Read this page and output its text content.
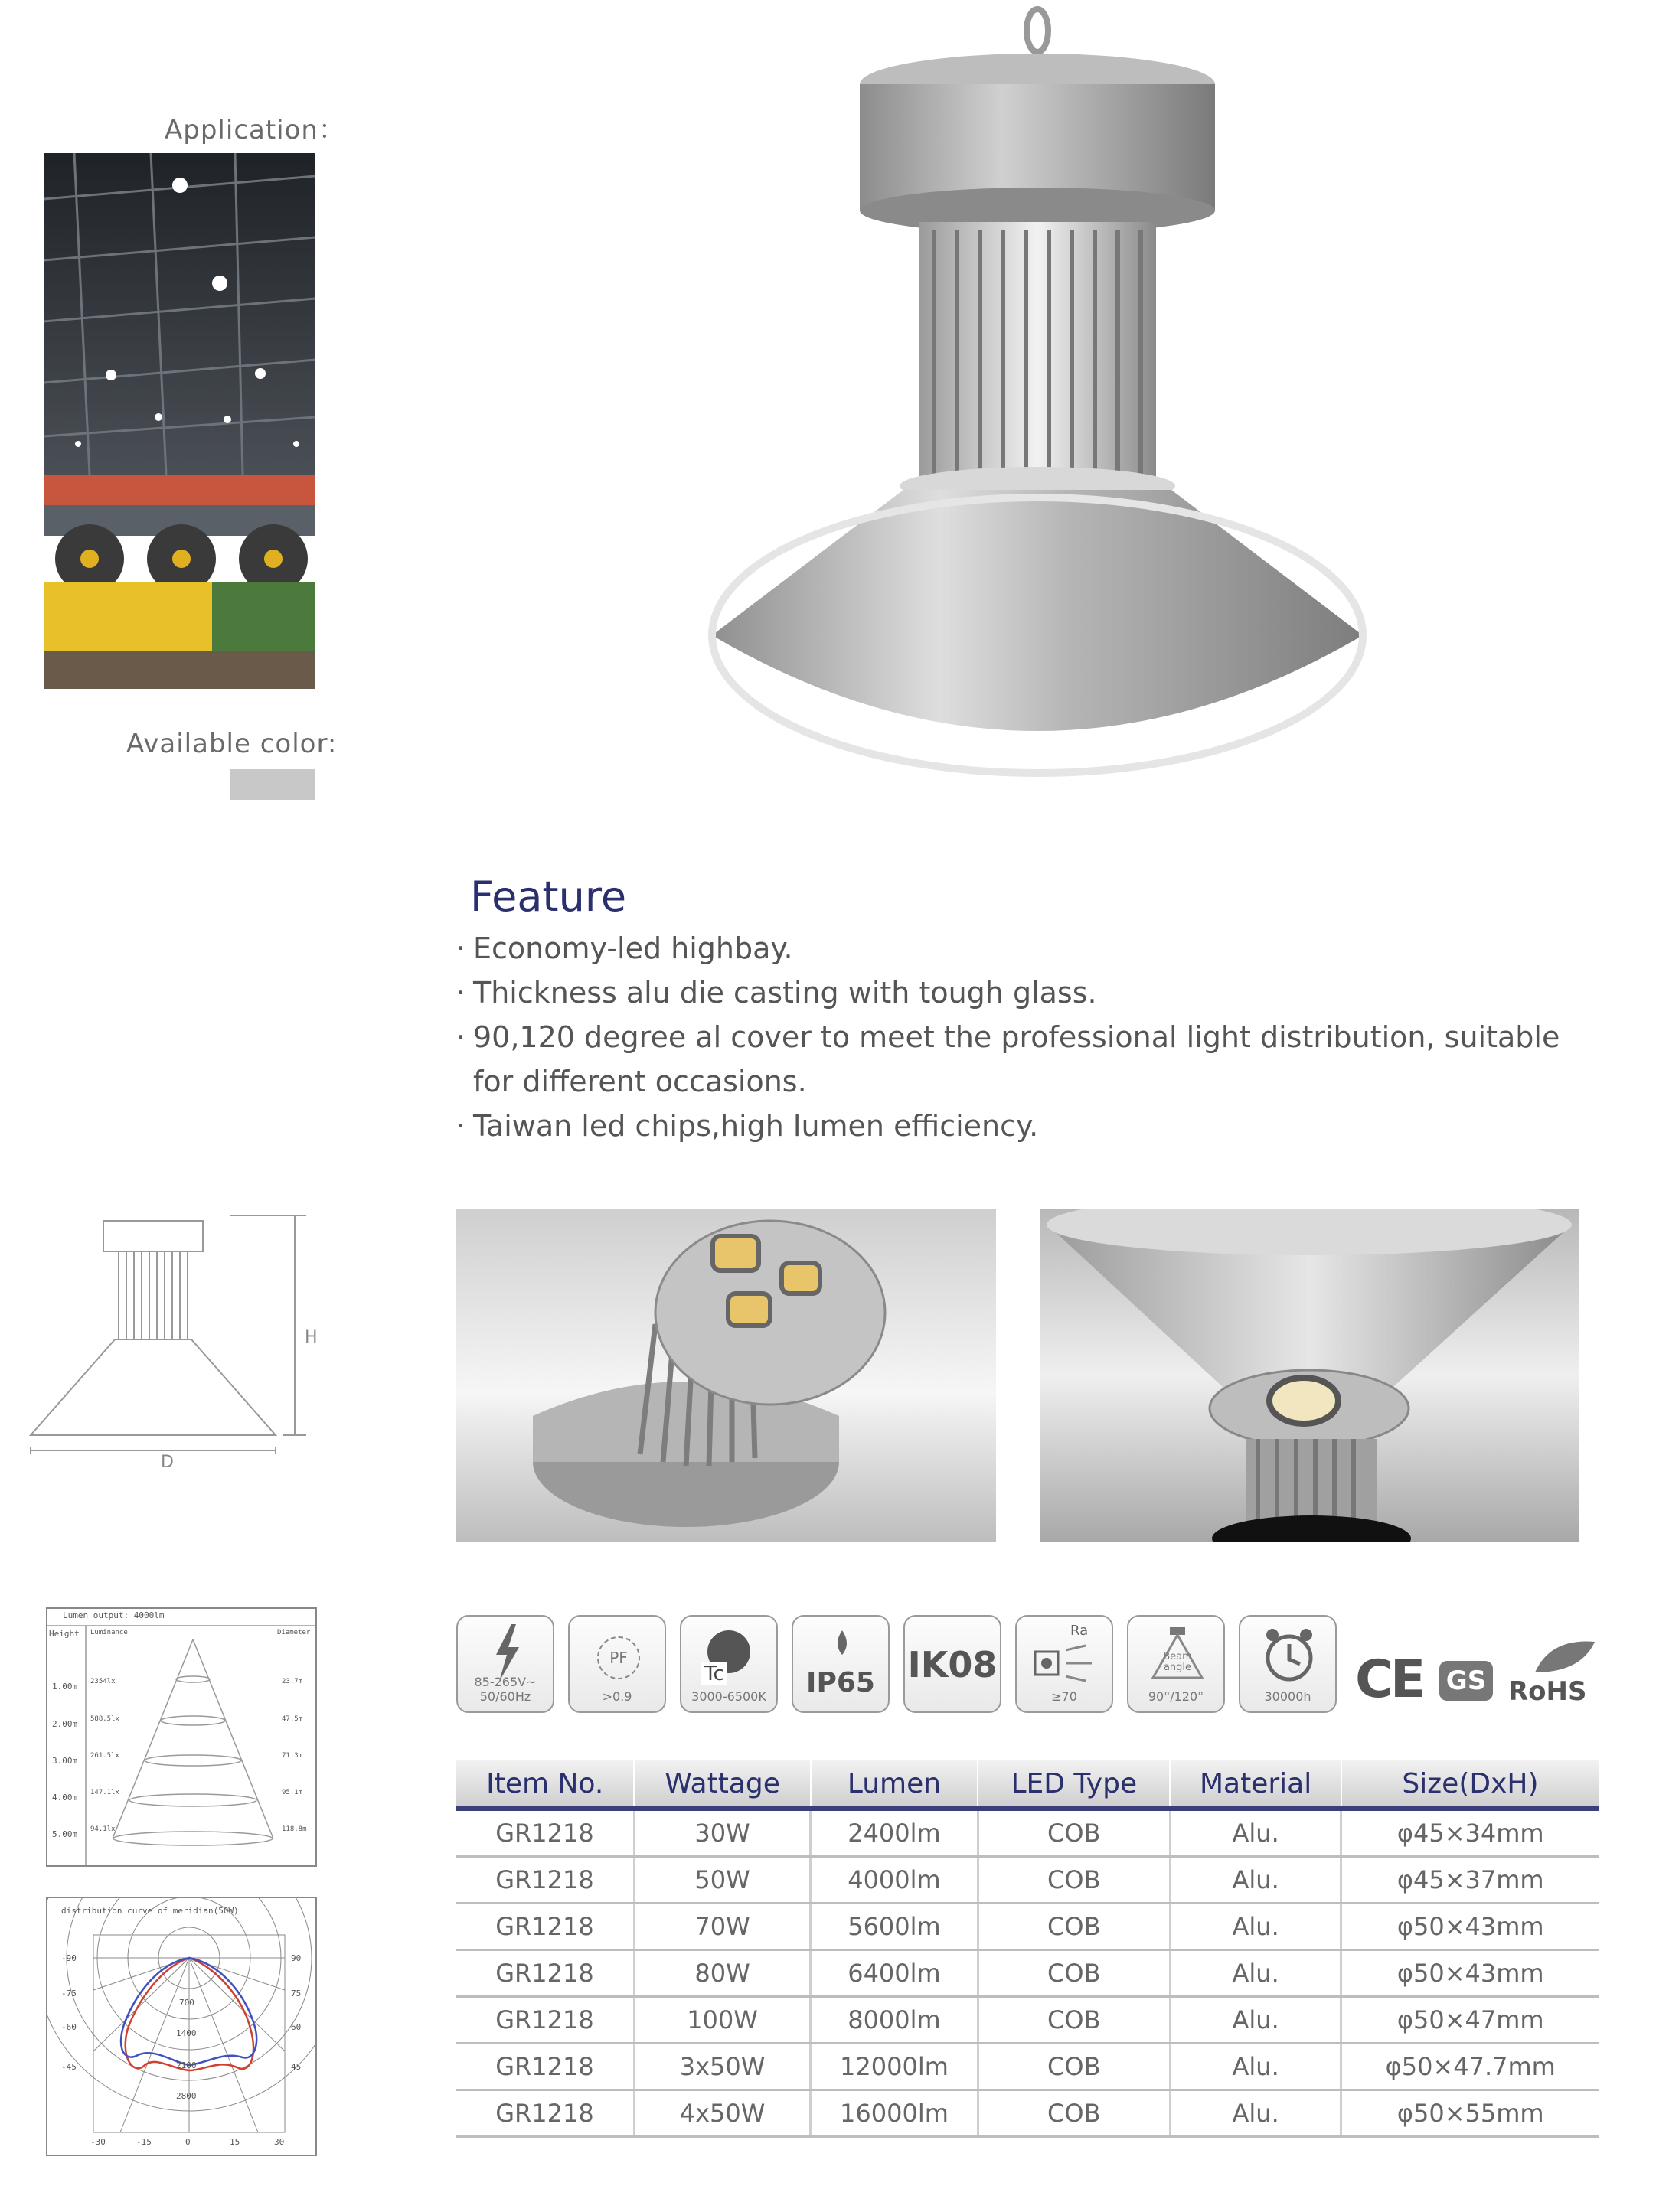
Application：
Available color:
Feature
· Economy-led highbay.
· Thickness alu die casting with tough glass.
· 90,120 degree al cover to meet the professional light distribution, suitable for different occasions.
· Taiwan led chips,high lumen efficiency.
H
D
Lumen output: 4000lm
Height Luminance	Diameter
1.00m 2354lx	23.7m
2.00m 588.5lx	47.5m
3.00m 261.5lx	71.3m
4.00m 147.1lx	95.1m
5.00m 94.1lx	118.8m
distribution curve of meridian(50W)
-90
-75
-60
-45
90
75
60
45
700
1400
2100
2800
-30	-15	0	15	30
85-265V~ 50/60Hz
PF
>0.9
Tc
3000-6500K	IP65 IK08
Ra
≥70
Beam angle
90°/120°	30000h CE GS RoHS
Item No.	Wattage	Lumen	LED Type	Material	Size(DxH)
GR1218	30W	2400lm	COB	Alu.	φ45×34mm
GR1218	50W	4000lm	COB	Alu.	φ45×37mm
GR1218	70W	5600lm	COB	Alu.	φ50×43mm
GR1218	80W	6400lm	COB	Alu.	φ50×43mm
GR1218	100W	8000lm	COB	Alu.	φ50×47mm
GR1218	3x50W	12000lm	COB	Alu.	φ50×47.7mm
GR1218	4x50W	16000lm	COB	Alu.	φ50×55mm
